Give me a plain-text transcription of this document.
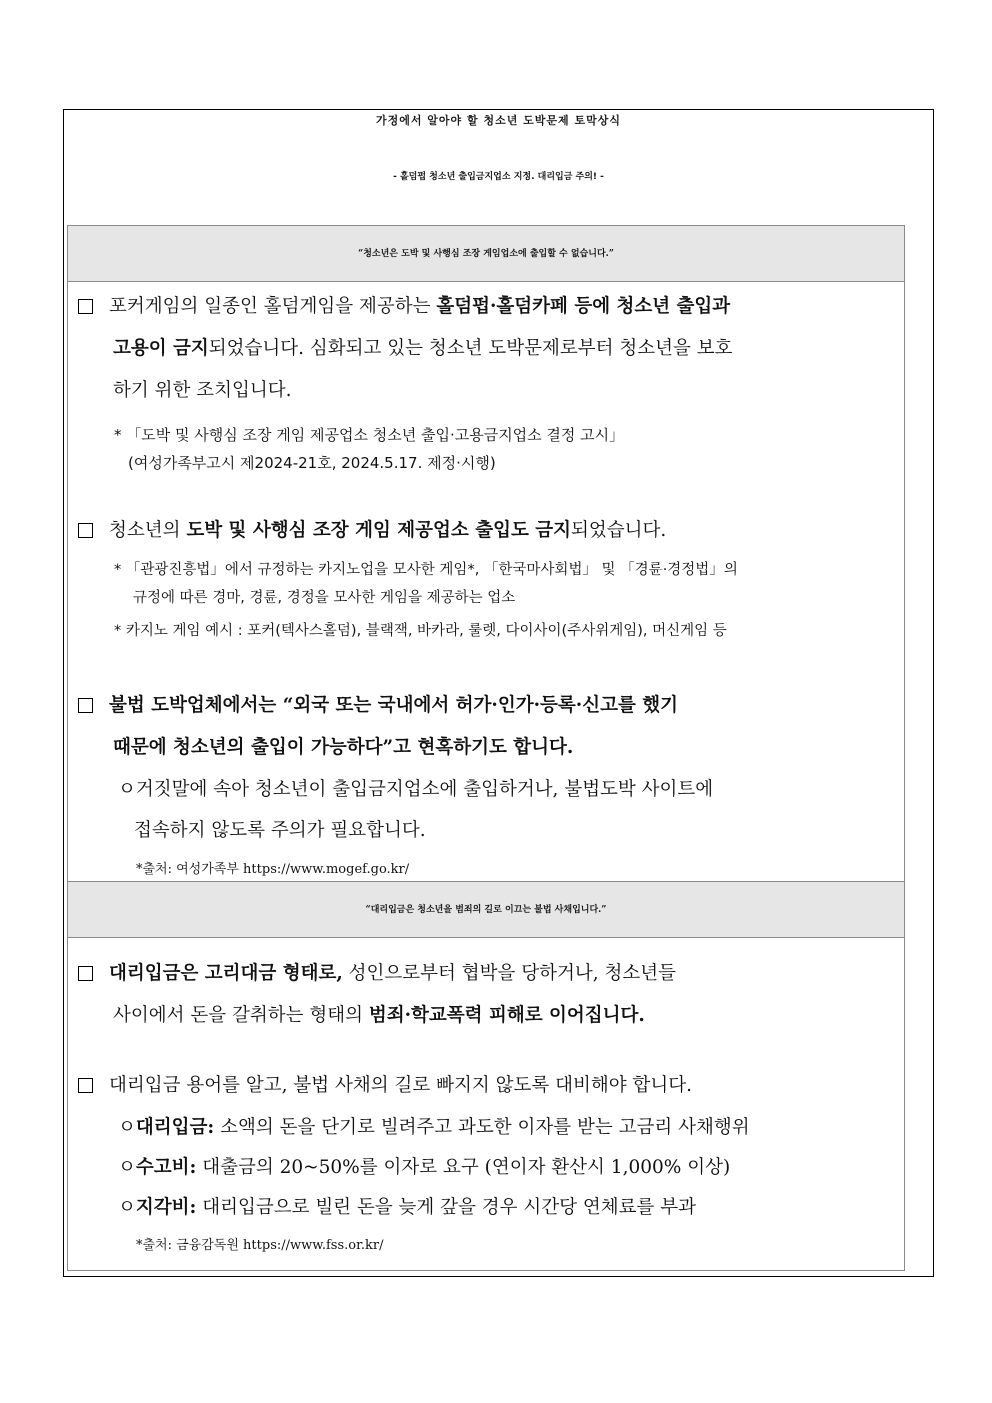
가정에서 알아야 할 청소년 도박문제 토막상식
- 홀덤펍 청소년 출입금지업소 지정. 대리입금 주의! -
“청소년은 도박 및 사행심 조장 게임업소에 출입할 수 없습니다.”
포커게임의 일종인 홀덤게임을 제공하는 홀덤펍·홀덤카페 등에 청소년 출입과
고용이 금지되었습니다. 심화되고 있는 청소년 도박문제로부터 청소년을 보호
하기 위한 조치입니다.
* 「도박 및 사행심 조장 게임 제공업소 청소년 출입·고용금지업소 결정 고시」
(여성가족부고시 제2024-21호, 2024.5.17. 제정·시행)
청소년의 도박 및 사행심 조장 게임 제공업소 출입도 금지되었습니다.
* 「관광진흥법」에서 규정하는 카지노업을 모사한 게임*, 「한국마사회법」 및 「경륜·경정법」의
규정에 따른 경마, 경륜, 경정을 모사한 게임을 제공하는 업소
* 카지노 게임 예시 : 포커(텍사스홀덤), 블랙잭, 바카라, 룰렛, 다이사이(주사위게임), 머신게임 등
불법 도박업체에서는 “외국 또는 국내에서 허가·인가·등록·신고를 했기
때문에 청소년의 출입이 가능하다”고 현혹하기도 합니다.
ㅇ거짓말에 속아 청소년이 출입금지업소에 출입하거나, 불법도박 사이트에
접속하지 않도록 주의가 필요합니다.
*출처: 여성가족부 https://www.mogef.go.kr/
“대리입금은 청소년을 범죄의 길로 이끄는 불법 사채입니다.”
대리입금은 고리대금 형태로, 성인으로부터 협박을 당하거나, 청소년들
사이에서 돈을 갈취하는 형태의 범죄·학교폭력 피해로 이어집니다.
대리입금 용어를 알고, 불법 사채의 길로 빠지지 않도록 대비해야 합니다.
ㅇ대리입금: 소액의 돈을 단기로 빌려주고 과도한 이자를 받는 고금리 사채행위
ㅇ수고비: 대출금의 20~50%를 이자로 요구 (연이자 환산시 1,000% 이상)
ㅇ지각비: 대리입금으로 빌린 돈을 늦게 갚을 경우 시간당 연체료를 부과
*출처: 금융감독원 https://www.fss.or.kr/
